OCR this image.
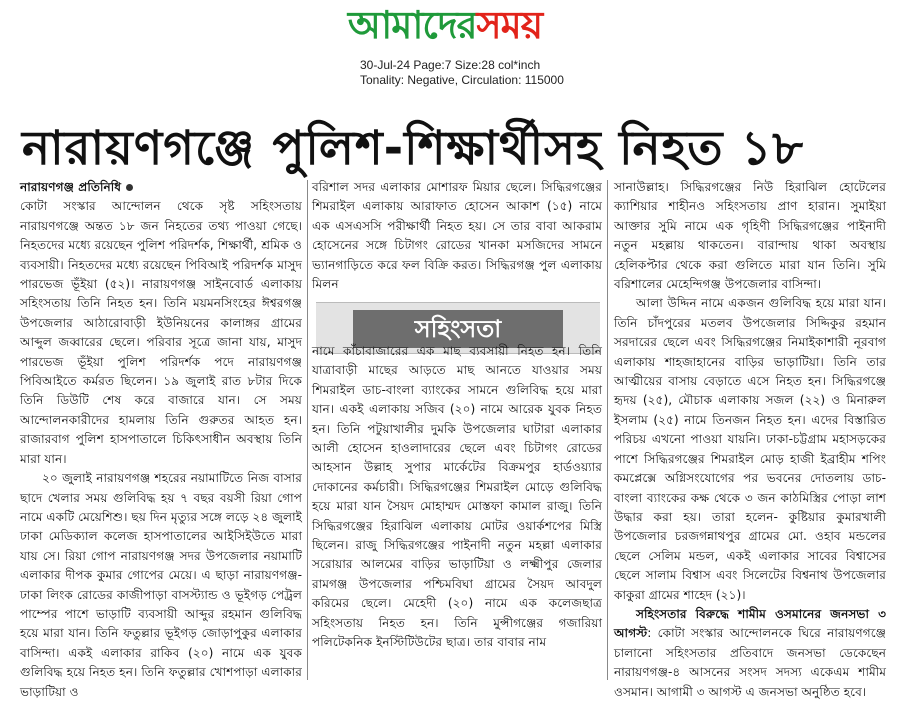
আমাদেরসময়
30-Jul-24 Page:7 Size:28 col*inch
Tonality: Negative, Circulation: 115000
নারায়ণগঞ্জে পুলিশ-শিক্ষার্থীসহ নিহত ১৮

নারায়ণগঞ্জ প্রতিনিধি

কোটা সংস্কার আন্দোলন থেকে সৃষ্ট সহিংসতায় নারায়ণগঞ্জে অন্তত ১৮ জন নিহতের তথ্য পাওয়া গেছে। নিহতদের মধ্যে রয়েছেন পুলিশ পরিদর্শক, শিক্ষার্থী, শ্রমিক ও ব্যবসায়ী। নিহতদের মধ্যে রয়েছেন পিবিআই পরিদর্শক মাসুদ পারভেজ ভূঁইয়া (৫২)। নারায়ণগঞ্জ সাইনবোর্ড এলাকায় সহিংসতায় তিনি নিহত হন। তিনি ময়মনসিংহের ঈশ্বরগঞ্জ উপজেলার আঠারোবাড়ী ইউনিয়নের কালাঙ্গর গ্রামের আব্দুল জব্বারের ছেলে। পরিবার সূত্রে জানা যায়, মাসুদ পারভেজ ভূঁইয়া পুলিশ পরিদর্শক পদে নারায়ণগঞ্জ পিবিআইতে কর্মরত ছিলেন। ১৯ জুলাই রাত ৮টার দিকে তিনি ডিউটি শেষ করে বাজারে যান। সে সময় আন্দোলনকারীদের হামলায় তিনি গুরুতর আহত হন। রাজারবাগ পুলিশ হাসপাতালে চিকিৎসাধীন অবস্থায় তিনি মারা যান।

২০ জুলাই নারায়ণগঞ্জ শহরের নয়ামাটিতে নিজ বাসার ছাদে খেলার সময় গুলিবিদ্ধ হয় ৭ বছর বয়সী রিয়া গোপ নামে একটি মেয়েশিশু। ছয় দিন মৃত্যুর সঙ্গে লড়ে ২৪ জুলাই ঢাকা মেডিক্যাল কলেজ হাসপাতালের আইসিইউতে মারা যায় সে। রিয়া গোপ নারায়ণগঞ্জ সদর উপজেলার নয়ামাটি এলাকার দীপক কুমার গোপের মেয়ে। এ ছাড়া নারায়ণগঞ্জ-ঢাকা লিংক রোডের কাজীপাড়া বাসস্ট্যান্ড ও ভূইগড় পেট্রল পাম্পের পাশে ভাড়াটি ব্যবসায়ী আব্দুর রহমান গুলিবিদ্ধ হয়ে মারা যান। তিনি ফতুল্লার ভূইগড় জোড়াপুকুর এলাকার বাসিন্দা। একই এলাকার রাকিব (২০) নামে এক যুবক গুলিবিদ্ধ হয়ে নিহত হন। তিনি ফতুল্লার খোশপাড়া এলাকার ভাড়াটিয়া ও

বরিশাল সদর এলাকার মোশারফ মিয়ার ছেলে। সিদ্ধিরগঞ্জের শিমরাইল এলাকায় আরাফাত হোসেন আকাশ (১৫) নামে এক এসএসসি পরীক্ষার্থী নিহত হয়। সে তার বাবা আকরাম হোসেনের সঙ্গে চিটাগং রোডের খানকা মসজিদের সামনে ভ্যানগাড়িতে করে ফল বিক্রি করত। সিদ্ধিরগঞ্জ পুল এলাকায় মিলন

সহিংসতা

নামে কাঁচাবাজারের এক মাছ ব্যবসায়ী নিহত হন। তিনি যাত্রাবাড়ী মাছের আড়তে মাছ আনতে যাওয়ার সময় শিমরাইল ডাচ-বাংলা ব্যাংকের সামনে গুলিবিদ্ধ হয়ে মারা যান। একই এলাকায় সজিব (২০) নামে আরেক যুবক নিহত হন। তিনি পটুয়াখালীর দুমকি উপজেলার ঘাটারা এলাকার আলী হোসেন হাওলাদারের ছেলে এবং চিটাগং রোডের আহসান উল্লাহ সুপার মার্কেটের বিক্রমপুর হার্ডওয়্যার দোকানের কর্মচারী। সিদ্ধিরগঞ্জের শিমরাইল মোড়ে গুলিবিদ্ধ হয়ে মারা যান সৈয়দ মোহাম্মদ মোস্তফা কামাল রাজু। তিনি সিদ্ধিরগঞ্জের হিরাঝিল এলাকায় মোটর ওয়ার্কশপের মিস্ত্রি ছিলেন। রাজু সিদ্ধিরগঞ্জের পাইনাদী নতুন মহল্লা এলাকার সরোয়ার আলমের বাড়ির ভাড়াটিয়া ও লক্ষ্মীপুর জেলার রামগঞ্জ উপজেলার পশ্চিমবিঘা গ্রামের সৈয়দ আবদুল করিমের ছেলে। মেহেদী (২০) নামে এক কলেজছাত্র সহিংসতায় নিহত হন। তিনি মুন্সীগঞ্জের গজারিয়া পলিটেকনিক ইনস্টিটিউটের ছাত্র। তার বাবার নাম

সানাউল্লাহ। সিদ্ধিরগঞ্জের নিউ হিরাঝিল হোটেলের ক্যাশিয়ার শাহীনও সহিংসতায় প্রাণ হারান। সুমাইয়া আক্তার সুমি নামে এক গৃহিণী সিদ্ধিরগঞ্জের পাইনাদী নতুন মহল্লায় থাকতেন। বারান্দায় থাকা অবস্থায় হেলিকপ্টার থেকে করা গুলিতে মারা যান তিনি। সুমি বরিশালের মেহেন্দিগঞ্জ উপজেলার বাসিন্দা।

আলা উদ্দিন নামে একজন গুলিবিদ্ধ হয়ে মারা যান। তিনি চাঁদপুরের মতলব উপজেলার সিদ্দিকুর রহমান সরদারের ছেলে এবং সিদ্ধিরগঞ্জের নিমাইকাশারী নূরবাগ এলাকায় শাহজাহানের বাড়ির ভাড়াটিয়া। তিনি তার আত্মীয়ের বাসায় বেড়াতে এসে নিহত হন। সিদ্ধিরগঞ্জে হৃদয় (২৫), মৌচাক এলাকায় সজল (২২) ও মিনারুল ইসলাম (২৫) নামে তিনজন নিহত হন। এদের বিস্তারিত পরিচয় এখনো পাওয়া যায়নি। ঢাকা-চট্টগ্রাম মহাসড়কের পাশে সিদ্ধিরগঞ্জের শিমরাইল মোড় হাজী ইব্রাহীম শপিং কমপ্লেক্সে অগ্নিসংযোগের পর ভবনের দোতলায় ডাচ-বাংলা ব্যাংকের কক্ষ থেকে ৩ জন কাঠমিস্ত্রির পোড়া লাশ উদ্ধার করা হয়। তারা হলেন- কুষ্টিয়ার কুমারখালী উপজেলার চরজগন্নাথপুর গ্রামের মো. ওহাব মন্ডলের ছেলে সেলিম মন্ডল, একই এলাকার সাবের বিশ্বাসের ছেলে সালাম বিশ্বাস এবং সিলেটের বিশ্বনাথ উপজেলার কাকুরা গ্রামের শাহেদ (২১)।

সহিংসতার বিরুদ্ধে শামীম ওসমানের জনসভা ৩ আগস্ট: কোটা সংস্কার আন্দোলনকে ঘিরে নারায়ণগঞ্জে চালানো সহিংসতার প্রতিবাদে জনসভা ডেকেছেন নারায়ণগঞ্জ-৪ আসনের সংসদ সদস্য একেএম শামীম ওসমান। আগামী ৩ আগস্ট এ জনসভা অনুষ্ঠিত হবে।
